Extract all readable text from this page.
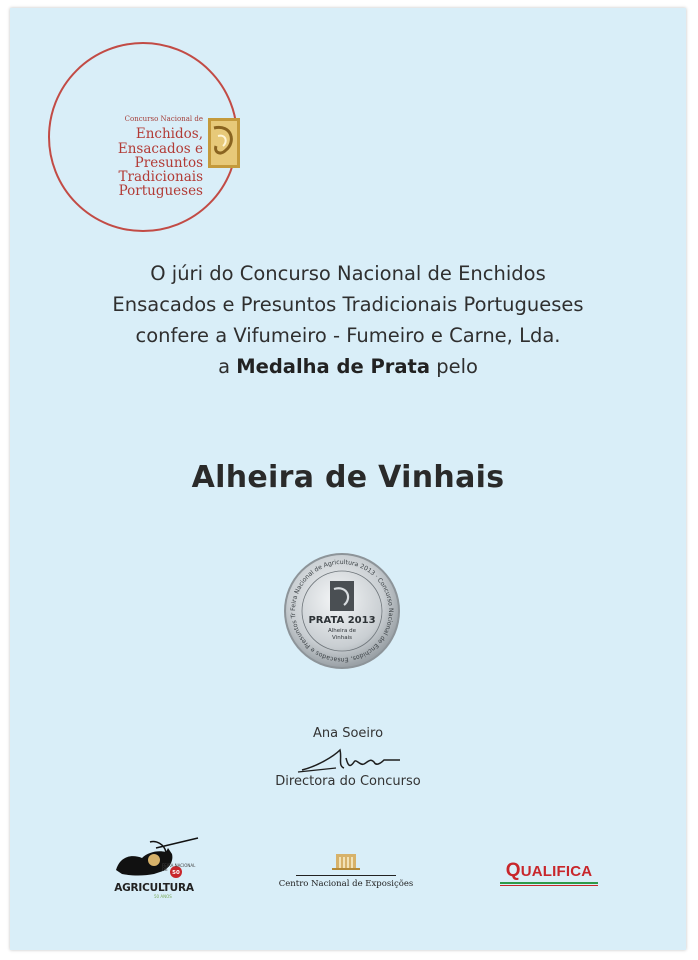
Concurso Nacional de Enchidos,
Ensacados e Presuntos
Tradicionais Portugueses
O júri do Concurso Nacional de Enchidos
Ensacados e Presuntos Tradicionais Portugueses
confere a Vifumeiro - Fumeiro e Carne, Lda.
a Medalha de Prata pelo
Alheira de Vinhais
Feira Nacional de Agricultura 2013 · Concurso Nacional de Enchidos, Ensacados e Presuntos Tr
PRATA 2013
Alheira de
Vinhais
Ana Soeiro
Directora do Concurso
50
FEIRA NACIONAL DE
AGRICULTURA
50 ANOS
Centro Nacional de Exposições
QUALIFICA
